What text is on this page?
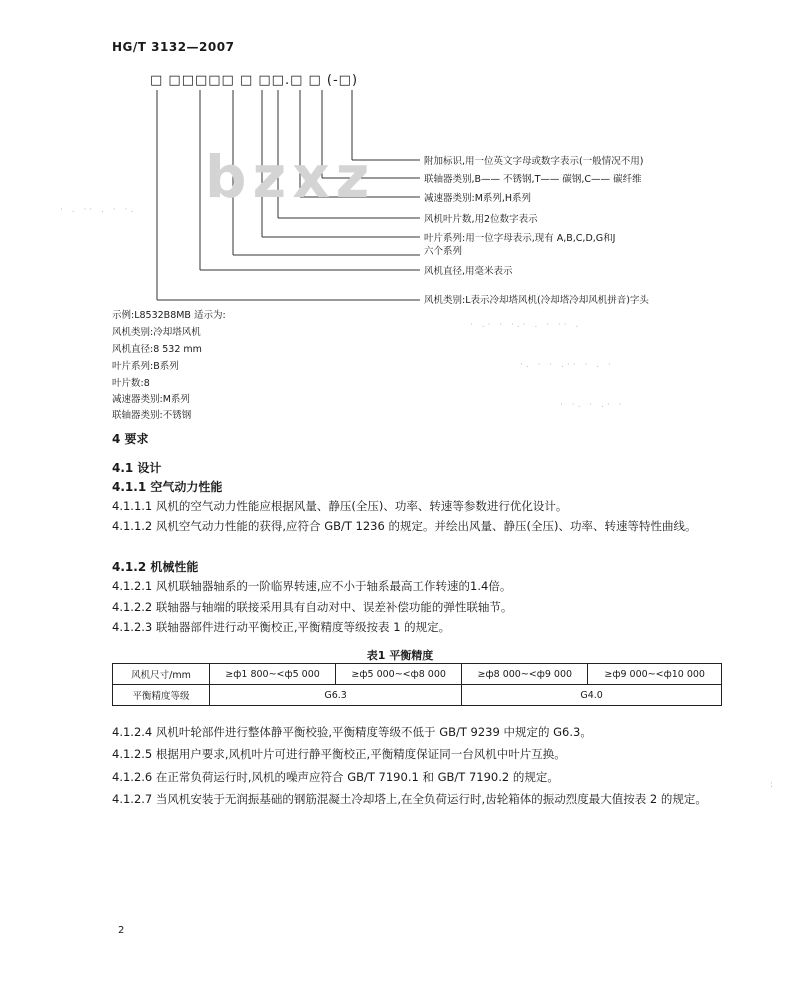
HG/T 3132—2007
□ □□□□□ □ □□.□ □ (-□)
bzxz	附加标识,用一位英文字母或数字表示(一般情况不用)
联轴器类别,B—— 不锈钢,T—— 碳钢,C—— 碳纤维
减速器类别:M系列,H系列
风机叶片数,用2位数字表示
叶片系列:用一位字母表示,现有 A,B,C,D,G和J
六个系列
风机直径,用毫米表示
风机类别:L表示冷却塔风机(冷却塔冷却风机拼音)字头
示例:L8532B8MB 适示为:
风机类别:冷却塔风机
风机直径:8 532 mm
叶片系列:B系列
叶片数:8
减速器类别:M系列
联轴器类别:不锈钢
· . ·· . · ·.
· .· · ·.· . · ·· .
·. · · .·· · . ·
· ·. · .· ·
:
4 要求
4.1 设计
4.1.1 空气动力性能
4.1.1.1 风机的空气动力性能应根据风量、静压(全压)、功率、转速等参数进行优化设计。
4.1.1.2 风机空气动力性能的获得,应符合 GB/T 1236 的规定。并绘出风量、静压(全压)、功率、转速等特性曲线。
4.1.2 机械性能
4.1.2.1 风机联轴器轴系的一阶临界转速,应不小于轴系最高工作转速的1.4倍。
4.1.2.2 联轴器与轴端的联接采用具有自动对中、误差补偿功能的弹性联轴节。
4.1.2.3 联轴器部件进行动平衡校正,平衡精度等级按表 1 的规定。
表1 平衡精度
风机尺寸/mm	≥ф1 800~<ф5 000	≥ф5 000~<ф8 000	≥ф8 000~<ф9 000	≥ф9 000~<ф10 000
平衡精度等级	G6.3		G4.0	
4.1.2.4 风机叶轮部件进行整体静平衡校验,平衡精度等级不低于 GB/T 9239 中规定的 G6.3。
4.1.2.5 根据用户要求,风机叶片可进行静平衡校正,平衡精度保证同一台风机中叶片互换。
4.1.2.6 在正常负荷运行时,风机的噪声应符合 GB/T 7190.1 和 GB/T 7190.2 的规定。
4.1.2.7 当风机安装于无润振基础的钢筋混凝土冷却塔上,在全负荷运行时,齿轮箱体的振动烈度最大值按表 2 的规定。
2
